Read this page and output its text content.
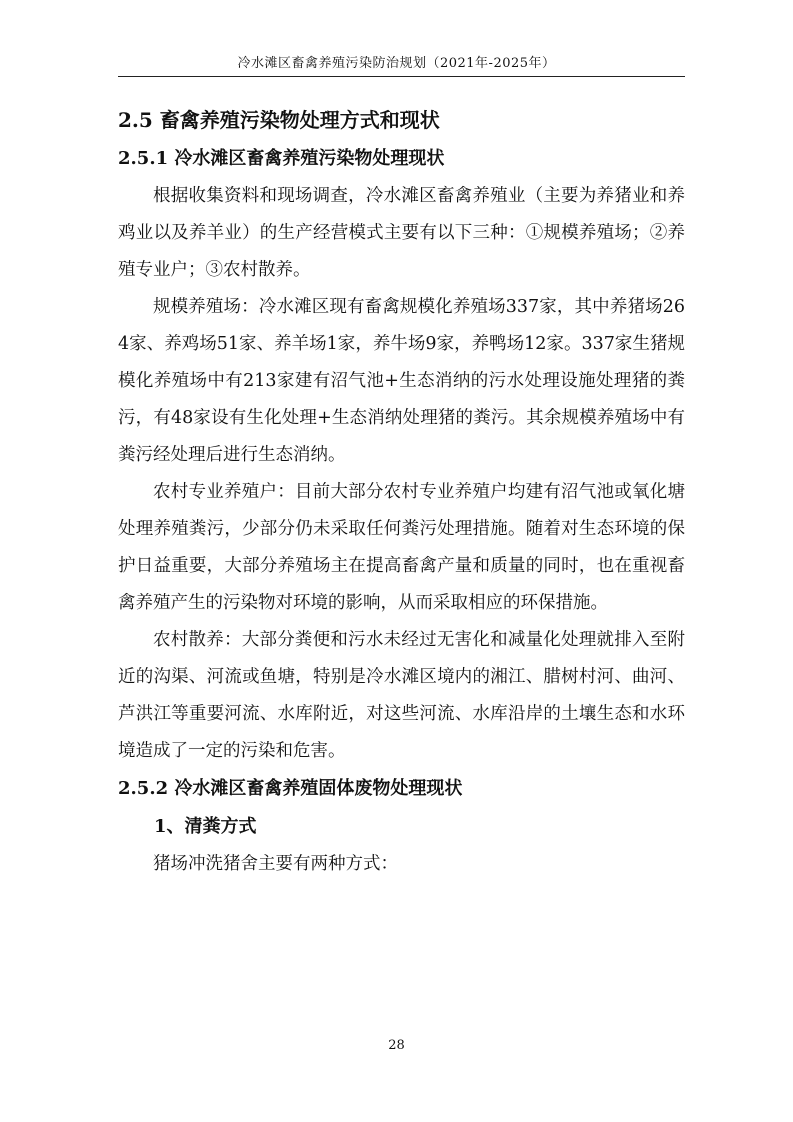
冷水滩区畜禽养殖污染防治规划（2021年-2025年）
2.5 畜禽养殖污染物处理方式和现状
2.5.1 冷水滩区畜禽养殖污染物处理现状

根据收集资料和现场调查，冷水滩区畜禽养殖业（主要为养猪业和养鸡业以及养羊业）的生产经营模式主要有以下三种：①规模养殖场；②养殖专业户；③农村散养。

规模养殖场：冷水滩区现有畜禽规模化养殖场337家，其中养猪场264家、养鸡场51家、养羊场1家，养牛场9家，养鸭场12家。337家生猪规模化养殖场中有213家建有沼气池+生态消纳的污水处理设施处理猪的粪污，有48家设有生化处理+生态消纳处理猪的粪污。其余规模养殖场中有粪污经处理后进行生态消纳。

农村专业养殖户：目前大部分农村专业养殖户均建有沼气池或氧化塘处理养殖粪污，少部分仍未采取任何粪污处理措施。随着对生态环境的保护日益重要，大部分养殖场主在提高畜禽产量和质量的同时，也在重视畜禽养殖产生的污染物对环境的影响，从而采取相应的环保措施。

农村散养：大部分粪便和污水未经过无害化和减量化处理就排入至附近的沟渠、河流或鱼塘，特别是冷水滩区境内的湘江、腊树村河、曲河、芦洪江等重要河流、水库附近，对这些河流、水库沿岸的土壤生态和水环境造成了一定的污染和危害。

2.5.2 冷水滩区畜禽养殖固体废物处理现状
1、清粪方式

猪场冲洗猪舍主要有两种方式：

28
